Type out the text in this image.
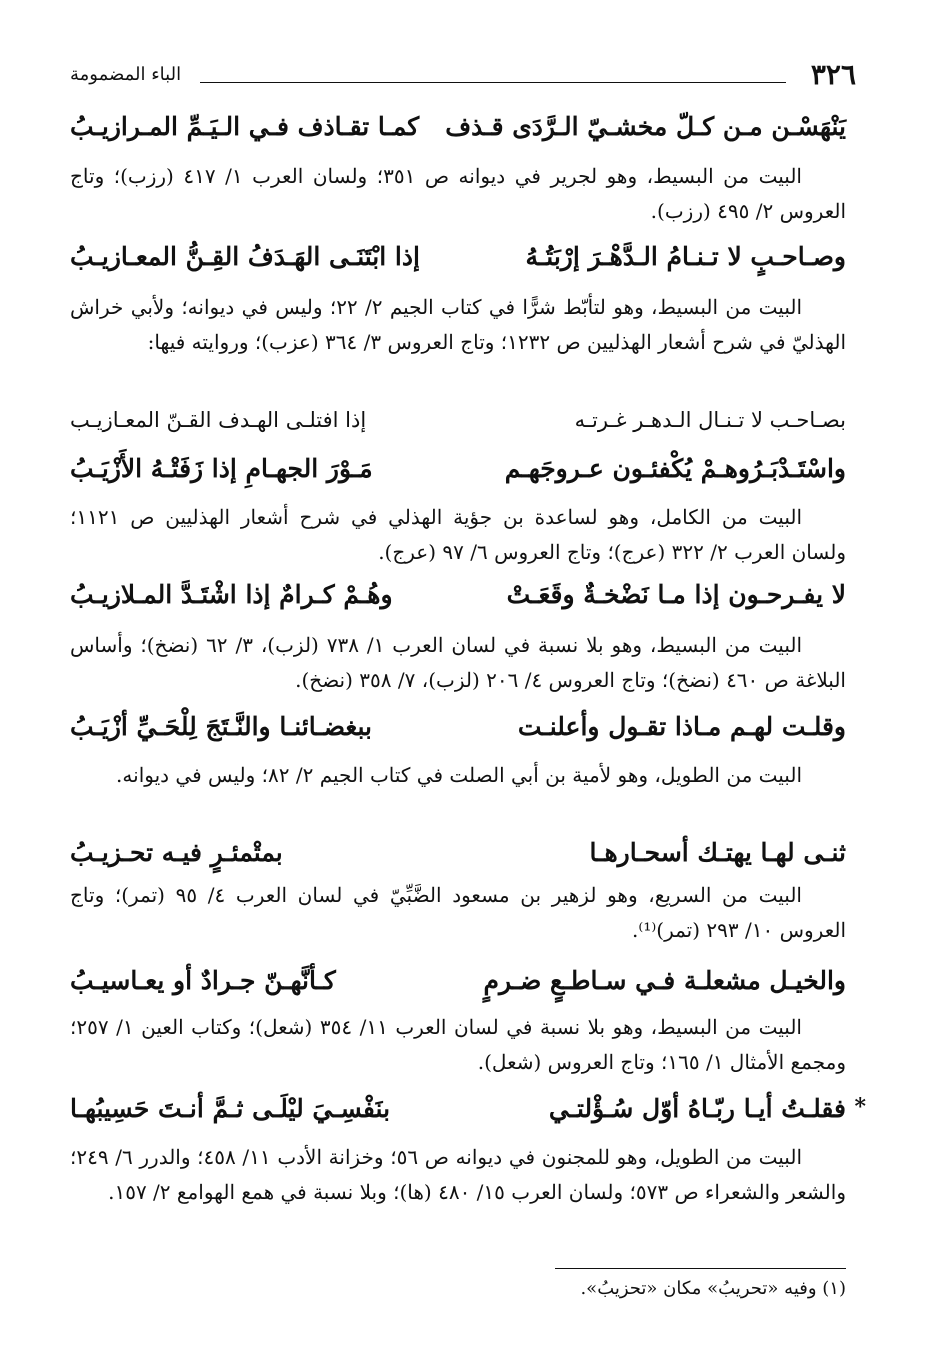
٣٢٦
الباء المضمومة
يَنْهَسْـن مـن كـلّ مخشـيّ الـرَّدَى قـذف
كمـا تقـاذف فـي الـيَـمِّ المـرازيـبُ
البيت من البسيط، وهو لجرير في ديوانه ص ٣٥١؛ ولسان العرب ١/ ٤١٧ (رزب)؛ وتاج العروس ٢/ ٤٩٥ (رزب).
وصـاحـبٍ لا تـنـامُ الـدَّهْـرَ إرْبَتُـهُ
إذا ابْتَنَـى الهَـدَفُ القِـنُّ المعـازيـبُ
البيت من البسيط، وهو لتأبّط شرًّا في كتاب الجيم ٢/ ٢٢؛ وليس في ديوانه؛ ولأبي خراش الهذليّ في شرح أشعار الهذليين ص ١٢٣٢؛ وتاج العروس ٣/ ٣٦٤ (عزب)؛ وروايته فيها:
بصـاحـب لا تـنـال الـدهـر غـرتـه
إذا افتلـى الهـدف القـنّ المعـازيـب
واسْتَـدْبَـرُوهـمْ يُكْفئـون عـروجَهـم
مَـوْرَ الجهـامِ إذا زَفَتْـهُ الأَزْيَـبُ
البيت من الكامل، وهو لساعدة بن جؤية الهذلي في شرح أشعار الهذليين ص ١١٢١؛ ولسان العرب ٢/ ٣٢٢ (عرج)؛ وتاج العروس ٦/ ٩٧ (عرج).
لا يفـرحـون إذا مـا نَضْخـةٌ وقَعَـتْ
وهُـمْ كـرامٌ إذا اشْتَـدَّ المـلازيـبُ
البيت من البسيط، وهو بلا نسبة في لسان العرب ١/ ٧٣٨ (لزب)، ٣/ ٦٢ (نضخ)؛ وأساس البلاغة ص ٤٦٠ (نضخ)؛ وتاج العروس ٤/ ٢٠٦ (لزب)، ٧/ ٣٥٨ (نضخ).
وقلـت لهـم مـاذا تقـول وأعلنـت
ببغضـائنـا والنَّـتَجَ لِلْحَـيِّ أزْيَـبُ
البيت من الطويل، وهو لأمية بن أبي الصلت في كتاب الجيم ٢/ ٨٢؛ وليس في ديوانه.
ثنـى لهـا يهتـك أسحـارهـا
بمتْمئـرٍ فيـه تحـزيـبُ
البيت من السريع، وهو لزهير بن مسعود الضَّبِّيّ في لسان العرب ٤/ ٩٥ (تمر)؛ وتاج العروس ١٠/ ٢٩٣ (تمر)⁽¹⁾.
والخيـل مشعلـة فـي سـاطـعٍ ضـرمٍ
كـأنَّهـنّ جـرادٌ أو يعـاسيـبُ
البيت من البسيط، وهو بلا نسبة في لسان العرب ١١/ ٣٥٤ (شعل)؛ وكتاب العين ١/ ٢٥٧؛ ومجمع الأمثال ١/ ١٦٥؛ وتاج العروس (شعل).
*
فقلـتُ أيـا ربّـاهُ أوّل سُـؤْلتـي
بنَفْسِـيَ ليْلَـى ثـمَّ أنـتَ حَسِيبُهـا
البيت من الطويل، وهو للمجنون في ديوانه ص ٥٦؛ وخزانة الأدب ١١/ ٤٥٨؛ والدرر ٦/ ٢٤٩؛ والشعر والشعراء ص ٥٧٣؛ ولسان العرب ١٥/ ٤٨٠ (ها)؛ وبلا نسبة في همع الهوامع ٢/ ١٥٧.
(١) وفيه «تحريبُ» مكان «تحزيبُ».
